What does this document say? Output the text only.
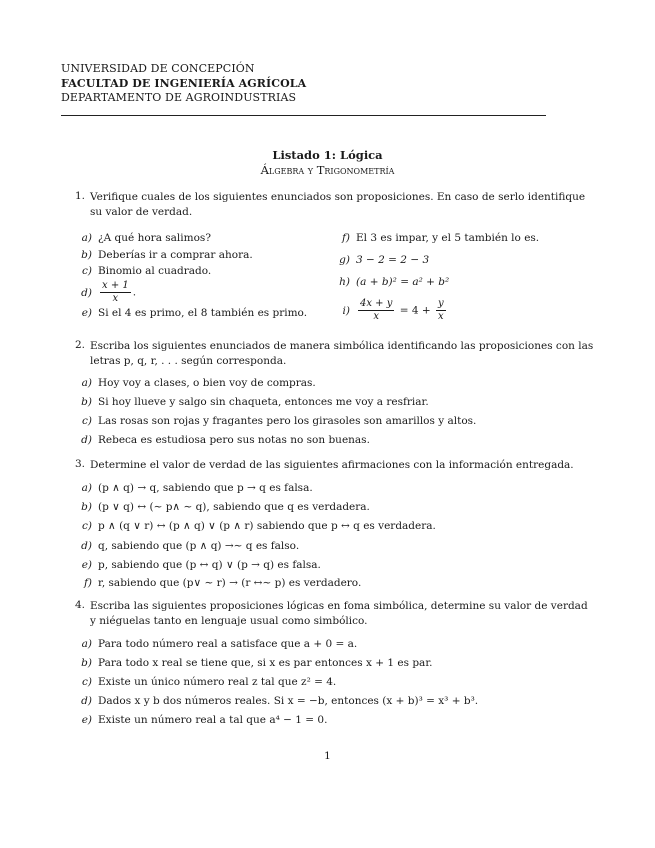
UNIVERSIDAD DE CONCEPCIÓN
FACULTAD DE INGENIERÍA AGRÍCOLA
DEPARTAMENTO DE AGROINDUSTRIAS
Listado 1: Lógica
Álgebra y Trigonometría
1. Verifique cuales de los siguientes enunciados son proposiciones. En caso de serlo identifique su valor de verdad.
a) ¿A qué hora salimos?
b) Deberías ir a comprar ahora.
c) Binomio al cuadrado.
$d) \frac{x + 1}{x}$ .
e) Si el 4 es primo, el 8 también es primo.
f) El 3 es impar, y el 5 también lo es.
g) 3 − 2 = 2 − 3
h) (a + b)² = a² + b²
$i) \frac{4x + y}{x} = 4 + \frac{y}{x}$
2. Escriba los siguientes enunciados de manera simbólica identificando las proposiciones con las letras p, q, r, . . . según corresponda.
a) Hoy voy a clases, o bien voy de compras.
b) Si hoy llueve y salgo sin chaqueta, entonces me voy a resfriar.
c) Las rosas son rojas y fragantes pero los girasoles son amarillos y altos.
d) Rebeca es estudiosa pero sus notas no son buenas.
3. Determine el valor de verdad de las siguientes afirmaciones con la información entregada.
a) (p ∧ q) → q, sabiendo que p → q es falsa.
b) (p ∨ q) ↔ (∼ p∧ ∼ q), sabiendo que q es verdadera.
c) p ∧ (q ∨ r) ↔ (p ∧ q) ∨ (p ∧ r) sabiendo que p ↔ q es verdadera.
d) q, sabiendo que (p ∧ q) →∼ q es falso.
e) p, sabiendo que (p ↔ q) ∨ (p → q) es falsa.
f) r, sabiendo que (p∨ ∼ r) → (r ↔∼ p) es verdadero.
4. Escriba las siguientes proposiciones lógicas en foma simbólica, determine su valor de verdad y niéguelas tanto en lenguaje usual como simbólico.
a) Para todo número real a satisface que a + 0 = a.
b) Para todo x real se tiene que, si x es par entonces x + 1 es par.
c) Existe un único número real z tal que z² = 4.
d) Dados x y b dos números reales. Si x = −b, entonces (x + b)³ = x³ + b³.
e) Existe un número real a tal que a⁴ − 1 = 0.
1
